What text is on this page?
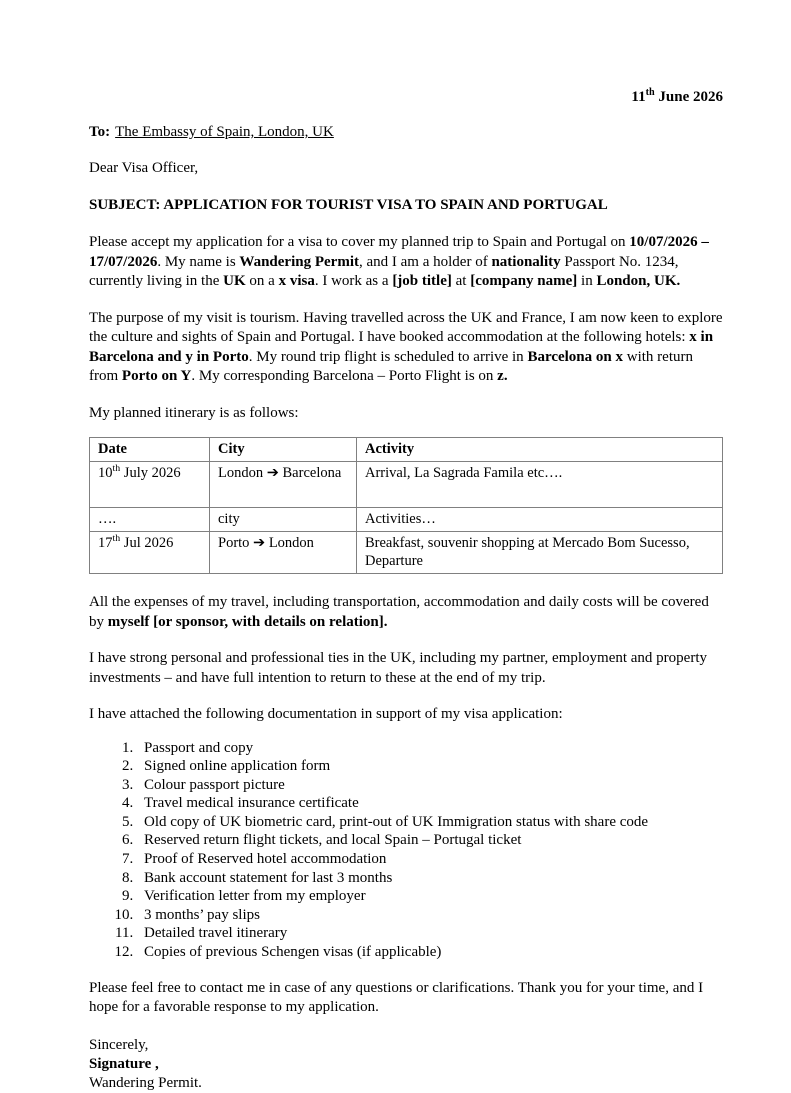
11th June 2026
To: The Embassy of Spain, London, UK
Dear Visa Officer,
SUBJECT: APPLICATION FOR TOURIST VISA TO SPAIN AND PORTUGAL

Please accept my application for a visa to cover my planned trip to Spain and Portugal on 10/07/2026 – 17/07/2026. My name is Wandering Permit, and I am a holder of nationality Passport No. 1234, currently living in the UK on a x visa. I work as a [job title] at [company name] in London, UK.

The purpose of my visit is tourism. Having travelled across the UK and France, I am now keen to explore the culture and sights of Spain and Portugal. I have booked accommodation at the following hotels: x in Barcelona and y in Porto. My round trip flight is scheduled to arrive in Barcelona on x with return from Porto on Y. My corresponding Barcelona – Porto Flight is on z.

My planned itinerary is as follows:

Date	City	Activity
10th July 2026	London ➔ Barcelona	Arrival, La Sagrada Famila etc….
….	city	Activities…
17th Jul 2026	Porto ➔ London	Breakfast, souvenir shopping at Mercado Bom Sucesso, Departure

All the expenses of my travel, including transportation, accommodation and daily costs will be covered by myself [or sponsor, with details on relation].

I have strong personal and professional ties in the UK, including my partner, employment and property investments – and have full intention to return to these at the end of my trip.

I have attached the following documentation in support of my visa application:

1. Passport and copy
2. Signed online application form
3. Colour passport picture
4. Travel medical insurance certificate
5. Old copy of UK biometric card, print-out of UK Immigration status with share code
6. Reserved return flight tickets, and local Spain – Portugal ticket
7. Proof of Reserved hotel accommodation
8. Bank account statement for last 3 months
9. Verification letter from my employer
10. 3 months’ pay slips
11. Detailed travel itinerary
12. Copies of previous Schengen visas (if applicable)

Please feel free to contact me in case of any questions or clarifications. Thank you for your time, and I hope for a favorable response to my application.

Sincerely,
Signature ,
Wandering Permit.
